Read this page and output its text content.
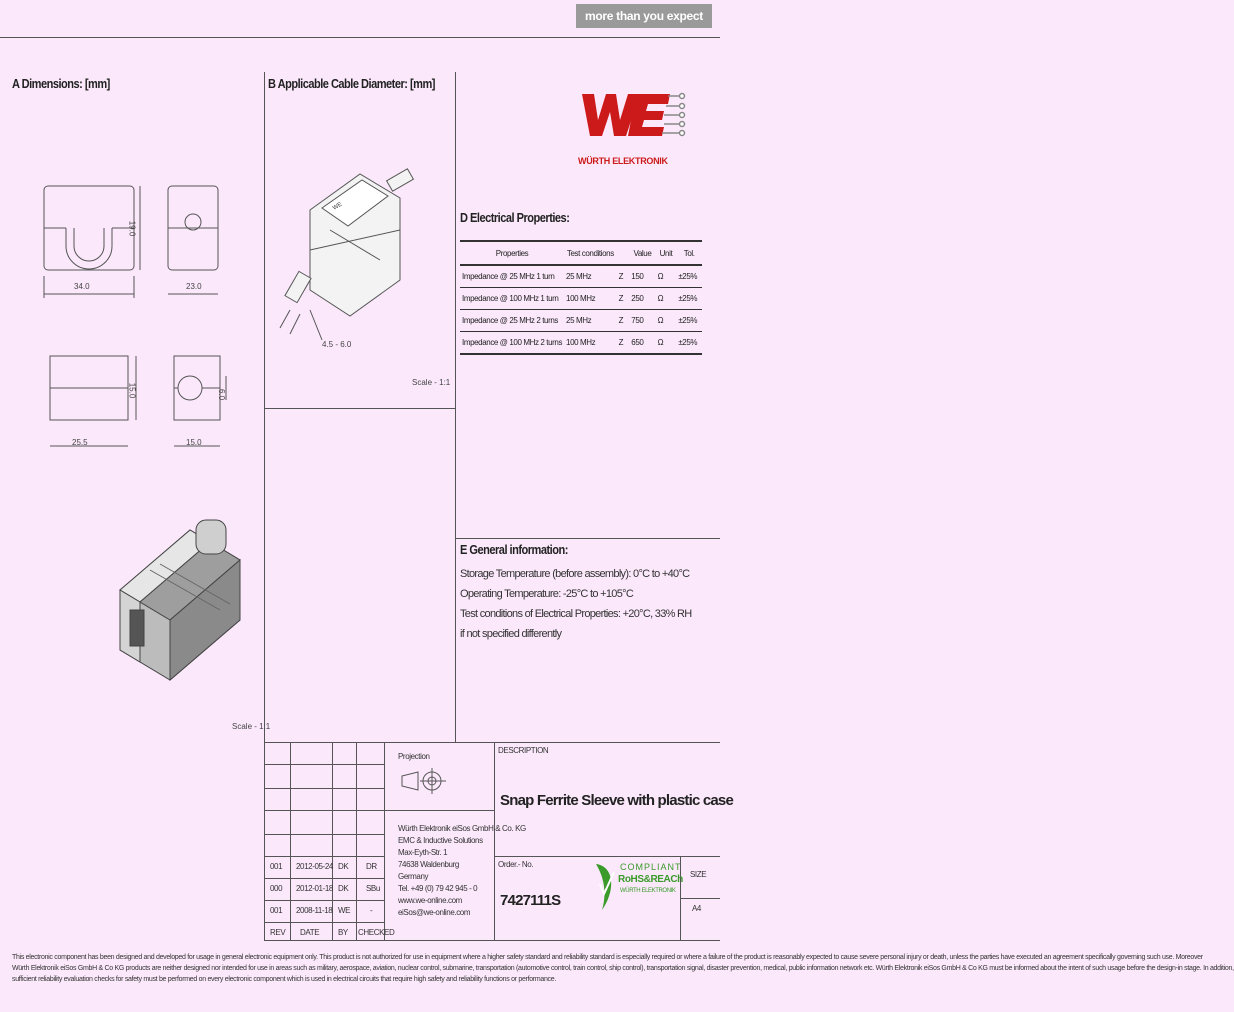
more than you expect
A Dimensions: [mm]	B Applicable Cable Diameter: [mm]
D Electrical Properties:
E General information:
WÜRTH ELEKTRONIK
34.0
19.0
23.0
15.0	6.0
25.5	15.0
WE
4.5 - 6.0
Scale - 1:1
Scale - 1:1
Properties	Test conditions		Value	Unit	Tol.
Impedance @ 25 MHz 1 turn	25 MHz	Z	150	Ω	±25%
Impedance @ 100 MHz 1 turn	100 MHz	Z	250	Ω	±25%
Impedance @ 25 MHz 2 turns	25 MHz	Z	750	Ω	±25%
Impedance @ 100 MHz 2 turns	100 MHz	Z	650	Ω	±25%
Storage Temperature (before assembly): 0°C to +40°C
Operating Temperature: -25°C to +105°C
Test conditions of Electrical Properties: +20°C, 33% RH
if not specified differently
Projection
Würth Elektronik eiSos GmbH & Co. KG
EMC & Inductive Solutions
Max-Eyth-Str. 1
74638 Waldenburg
Germany
Tel. +49 (0) 79 42 945 - 0
www.we-online.com
eiSos@we-online.com
001 2012-05-24 DK DR
000 2012-01-18 DK SBu
001 2008-11-18 WE -
REV DATE BY CHECKED
DESCRIPTION
Snap Ferrite Sleeve with plastic case
Order.- No.
7427111S
SIZE
A4
COMPLIANT
RoHS&REACh
WÜRTH ELEKTRONIK
This electronic component has been designed and developed for usage in general electronic equipment only. This product is not authorized for use in equipment where a higher safety standard and reliability standard is especially required or where a failure of the product is reasonably expected to cause severe personal injury or death, unless the parties have executed an agreement specifically governing such use. Moreover
Würth Elektronik eiSos GmbH & Co KG products are neither designed nor intended for use in areas such as military, aerospace, aviation, nuclear control, submarine, transportation (automotive control, train control, ship control), transportation signal, disaster prevention, medical, public information network etc. Würth Elektronik eiSos GmbH & Co KG must be informed about the intent of such usage before the design-in stage. In addition,
sufficient reliability evaluation checks for safety must be performed on every electronic component which is used in electrical circuits that require high safety and reliability functions or performance.
